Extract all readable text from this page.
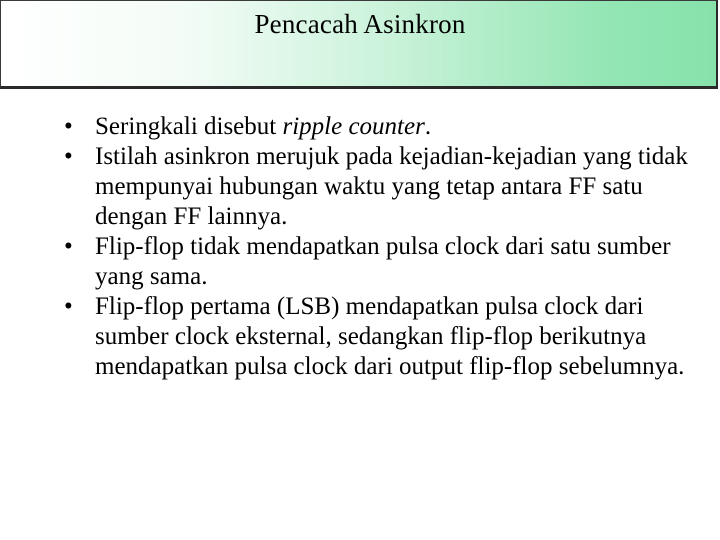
Pencacah Asinkron
• Seringkali disebut ripple counter.
• Istilah asinkron merujuk pada kejadian-kejadian yang tidak mempunyai hubungan waktu yang tetap antara FF satu dengan FF lainnya.
• Flip-flop tidak mendapatkan pulsa clock dari satu sumber yang sama.
• Flip-flop pertama (LSB) mendapatkan pulsa clock dari sumber clock eksternal, sedangkan flip-flop berikutnya mendapatkan pulsa clock dari output flip-flop sebelumnya.
